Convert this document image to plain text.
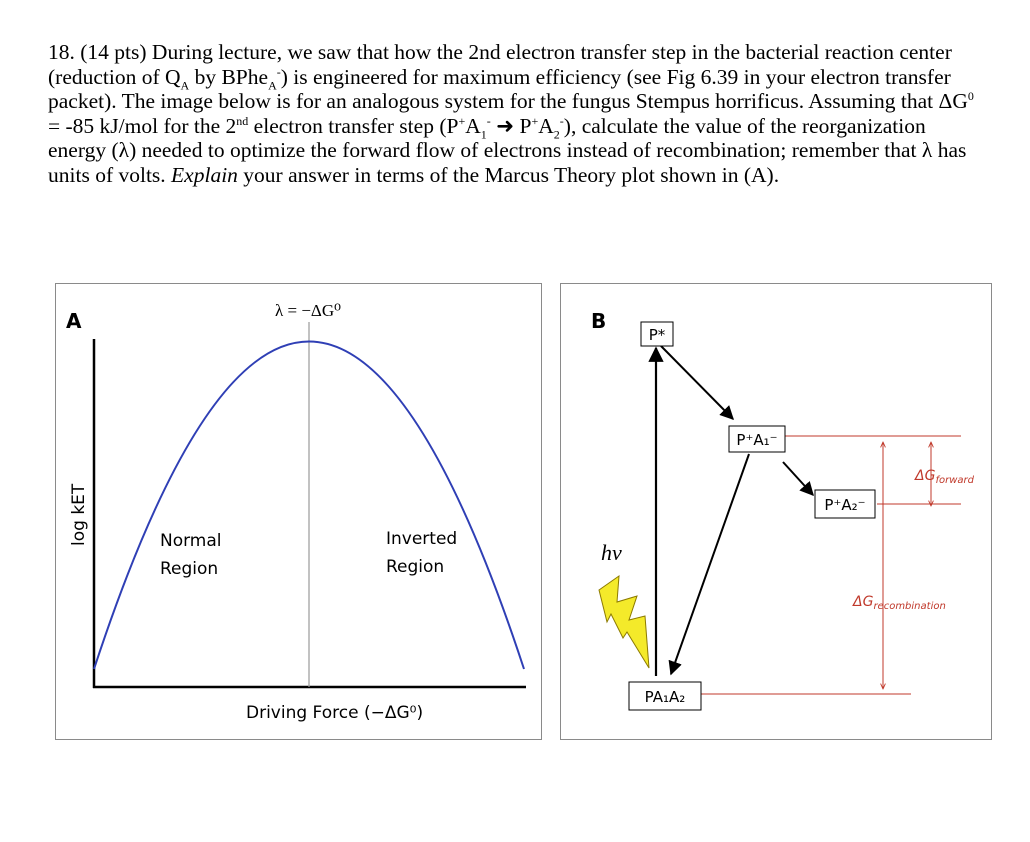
18. (14 pts) During lecture, we saw that how the 2nd electron transfer step in the bacterial reaction center (reduction of $Q_A$ by BPhe$_A$-) is engineered for maximum efficiency (see Fig 6.39 in your electron transfer packet). The image below is for an analogous system for the fungus Stempus horrificus. Assuming that $\Delta G^0 = -85$ kJ/mol for the 2nd electron transfer step ($P^+A_1^-$ ➜ $P^+A_2^-$), calculate the value of the reorganization energy (λ) needed to optimize the forward flow of electrons instead of recombination; remember that λ has units of volts. Explain your answer in terms of the Marcus Theory plot shown in (A).
A	λ = −ΔG⁰
log kET	Normal
Region
Inverted
Region
Driving Force (−ΔG⁰)
B
hν
P*
P⁺A₁⁻
P⁺A₂⁻
PA₁A₂
$\Delta G_{forward}$
$\Delta G_{recombination}$
